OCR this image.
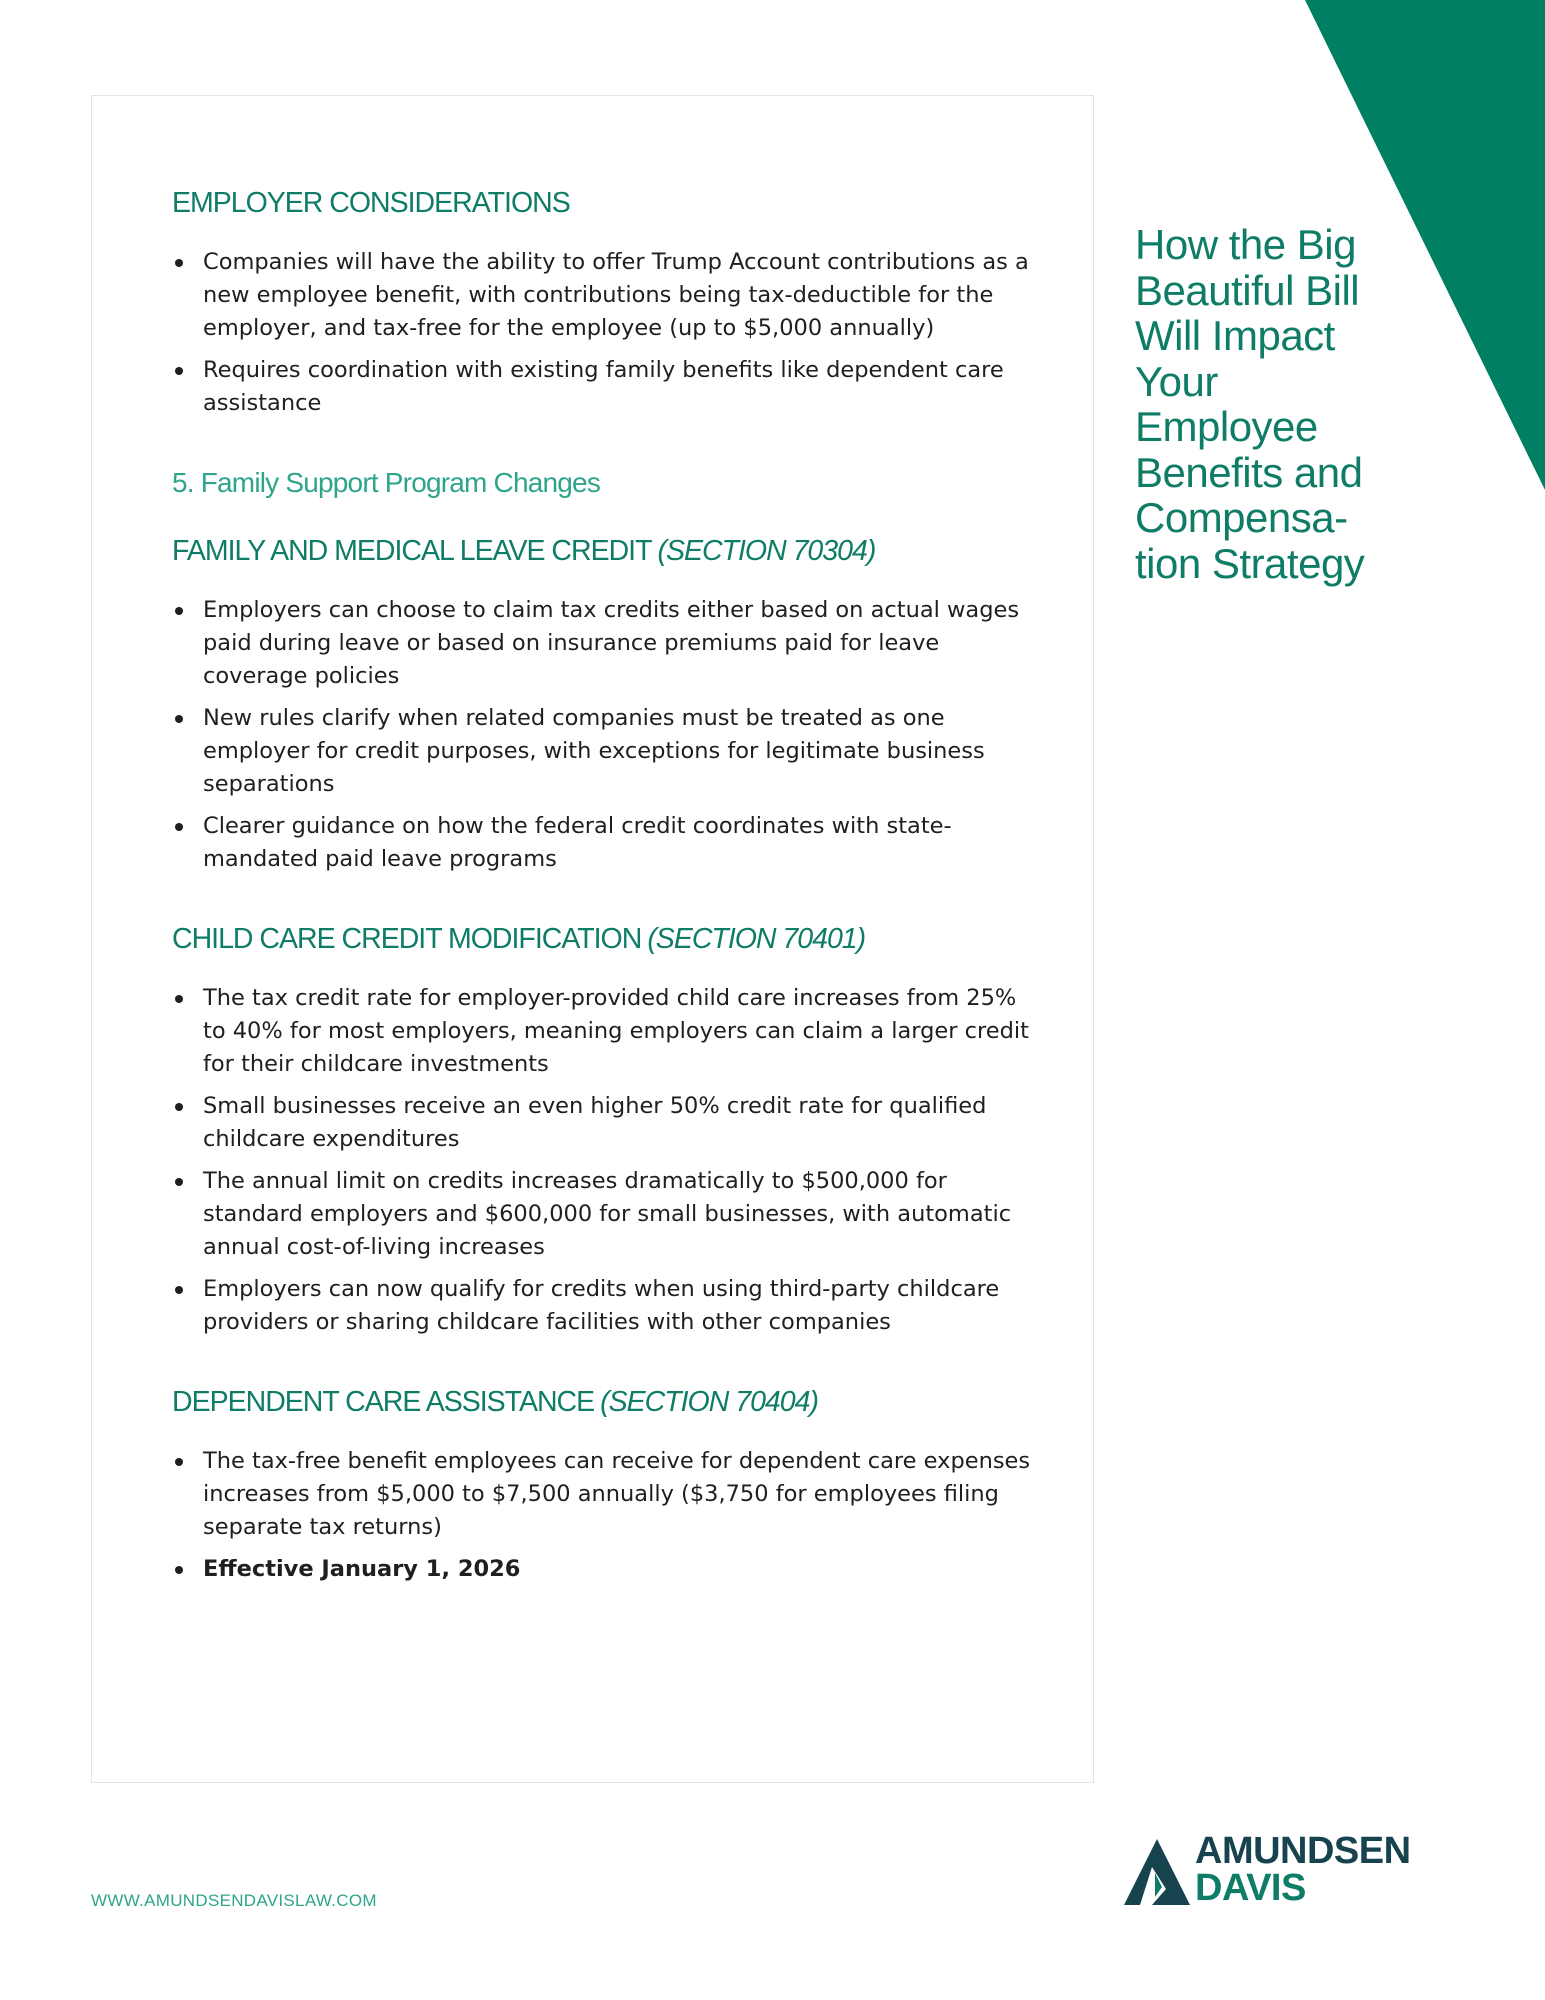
EMPLOYER CONSIDERATIONS
Companies will have the ability to offer Trump Account contributions as a new employee benefit, with contributions being tax-deductible for the employer, and tax-free for the employee (up to $5,000 annually)
Requires coordination with existing family benefits like dependent care assistance
5. Family Support Program Changes
FAMILY AND MEDICAL LEAVE CREDIT (SECTION 70304)
Employers can choose to claim tax credits either based on actual wages paid during leave or based on insurance premiums paid for leave coverage policies
New rules clarify when related companies must be treated as one employer for credit purposes, with exceptions for legitimate business separations
Clearer guidance on how the federal credit coordinates with state-mandated paid leave programs
CHILD CARE CREDIT MODIFICATION (SECTION 70401)
The tax credit rate for employer-provided child care increases from 25% to 40% for most employers, meaning employers can claim a larger credit for their childcare investments
Small businesses receive an even higher 50% credit rate for qualified childcare expenditures
The annual limit on credits increases dramatically to $500,000 for standard employers and $600,000 for small businesses, with automatic annual cost-of-living increases
Employers can now qualify for credits when using third-party childcare providers or sharing childcare facilities with other companies
DEPENDENT CARE ASSISTANCE (SECTION 70404)
The tax-free benefit employees can receive for dependent care expenses increases from $5,000 to $7,500 annually ($3,750 for employees filing separate tax returns)
Effective January 1, 2026
How the Big Beautiful Bill Will Impact Your Employee Benefits and Compensa-tion Strategy
WWW.AMUNDSENDAVISLAW.COM
AMUNDSEN
DAVIS
